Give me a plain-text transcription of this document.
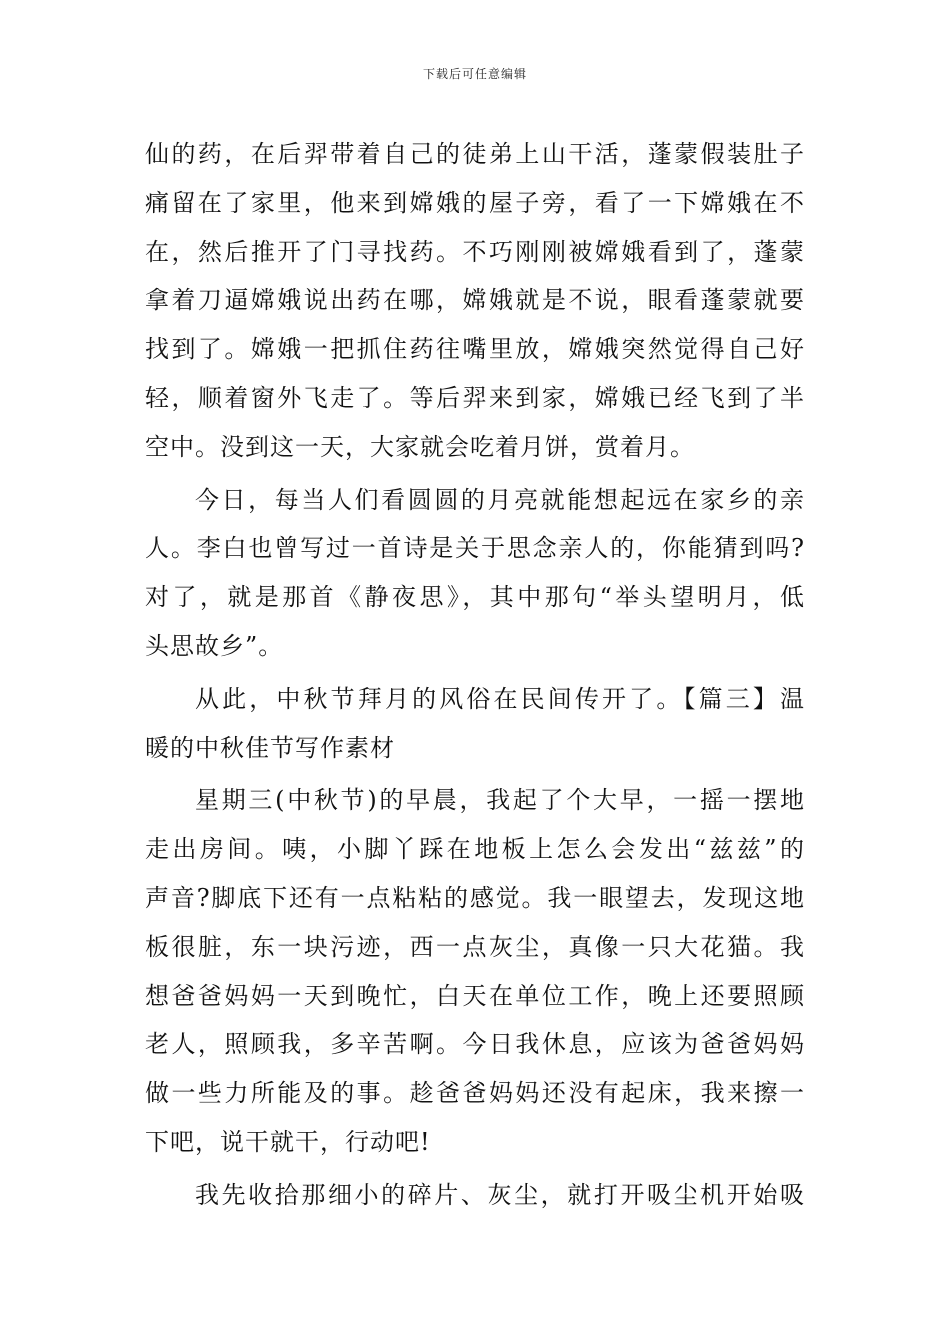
下载后可任意编辑
仙的药，在后羿带着自己的徒弟上山干活，蓬蒙假装肚子
痛留在了家里，他来到嫦娥的屋子旁，看了一下嫦娥在不
在，然后推开了门寻找药。不巧刚刚被嫦娥看到了，蓬蒙
拿着刀逼嫦娥说出药在哪，嫦娥就是不说，眼看蓬蒙就要
找到了。嫦娥一把抓住药往嘴里放，嫦娥突然觉得自己好
轻，顺着窗外飞走了。等后羿来到家，嫦娥已经飞到了半
空中。没到这一天，大家就会吃着月饼，赏着月。
今日，每当人们看圆圆的月亮就能想起远在家乡的亲
人。李白也曾写过一首诗是关于思念亲人的，你能猜到吗?
对了，就是那首《静夜思》，其中那句“举头望明月，低
头思故乡”。
从此，中秋节拜月的风俗在民间传开了。【篇三】温
暖的中秋佳节写作素材
星期三(中秋节)的早晨，我起了个大早，一摇一摆地
走出房间。咦，小脚丫踩在地板上怎么会发出“兹兹”的
声音?脚底下还有一点粘粘的感觉。我一眼望去，发现这地
板很脏，东一块污迹，西一点灰尘，真像一只大花猫。我
想爸爸妈妈一天到晚忙，白天在单位工作，晚上还要照顾
老人，照顾我，多辛苦啊。今日我休息，应该为爸爸妈妈
做一些力所能及的事。趁爸爸妈妈还没有起床，我来擦一
下吧，说干就干，行动吧!
我先收拾那细小的碎片、灰尘，就打开吸尘机开始吸
